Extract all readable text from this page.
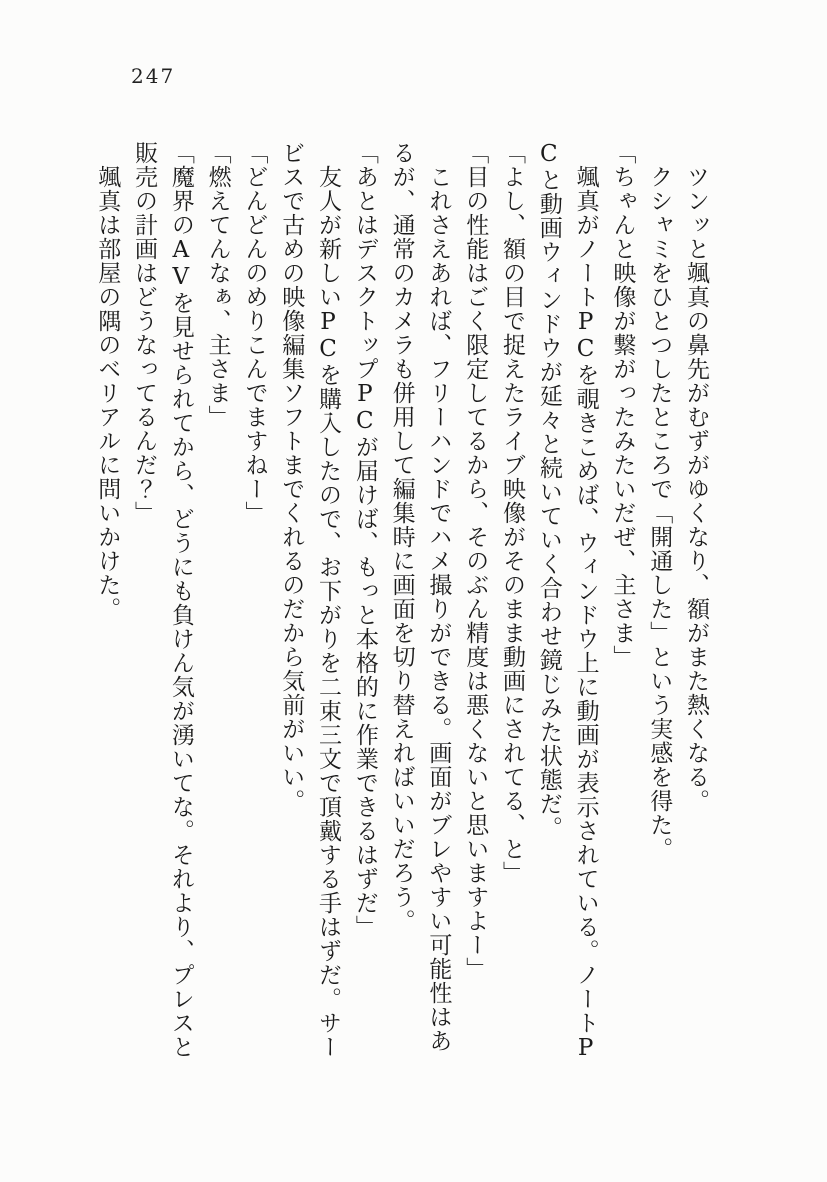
247
ツンッと颯真の鼻先がむずがゆくなり、額がまた熱くなる。
クシャミをひとつしたところで「開通した」という実感を得た。
「ちゃんと映像が繋がったみたいだぜ、主さま」
颯真がノートPCを覗きこめば、ウィンドウ上に動画が表示されている。ノートP
Cと動画ウィンドウが延々と続いていく合わせ鏡じみた状態だ。
「よし、額の目で捉えたライブ映像がそのまま動画にされてる、と」
「目の性能はごく限定してるから、そのぶん精度は悪くないと思いますよー」
これさえあれば、フリーハンドでハメ撮りができる。画面がブレやすい可能性はあ
るが、通常のカメラも併用して編集時に画面を切り替えればいいだろう。
「あとはデスクトップPCが届けば、もっと本格的に作業できるはずだ」
友人が新しいPCを購入したので、お下がりを二束三文で頂戴する手はずだ。サー
ビスで古めの映像編集ソフトまでくれるのだから気前がいい。
「どんどんのめりこんでますねー」
「燃えてんなぁ、主さま」
「魔界のAVを見せられてから、どうにも負けん気が湧いてな。それより、プレスと
販売の計画はどうなってるんだ？」
颯真は部屋の隅のベリアルに問いかけた。
